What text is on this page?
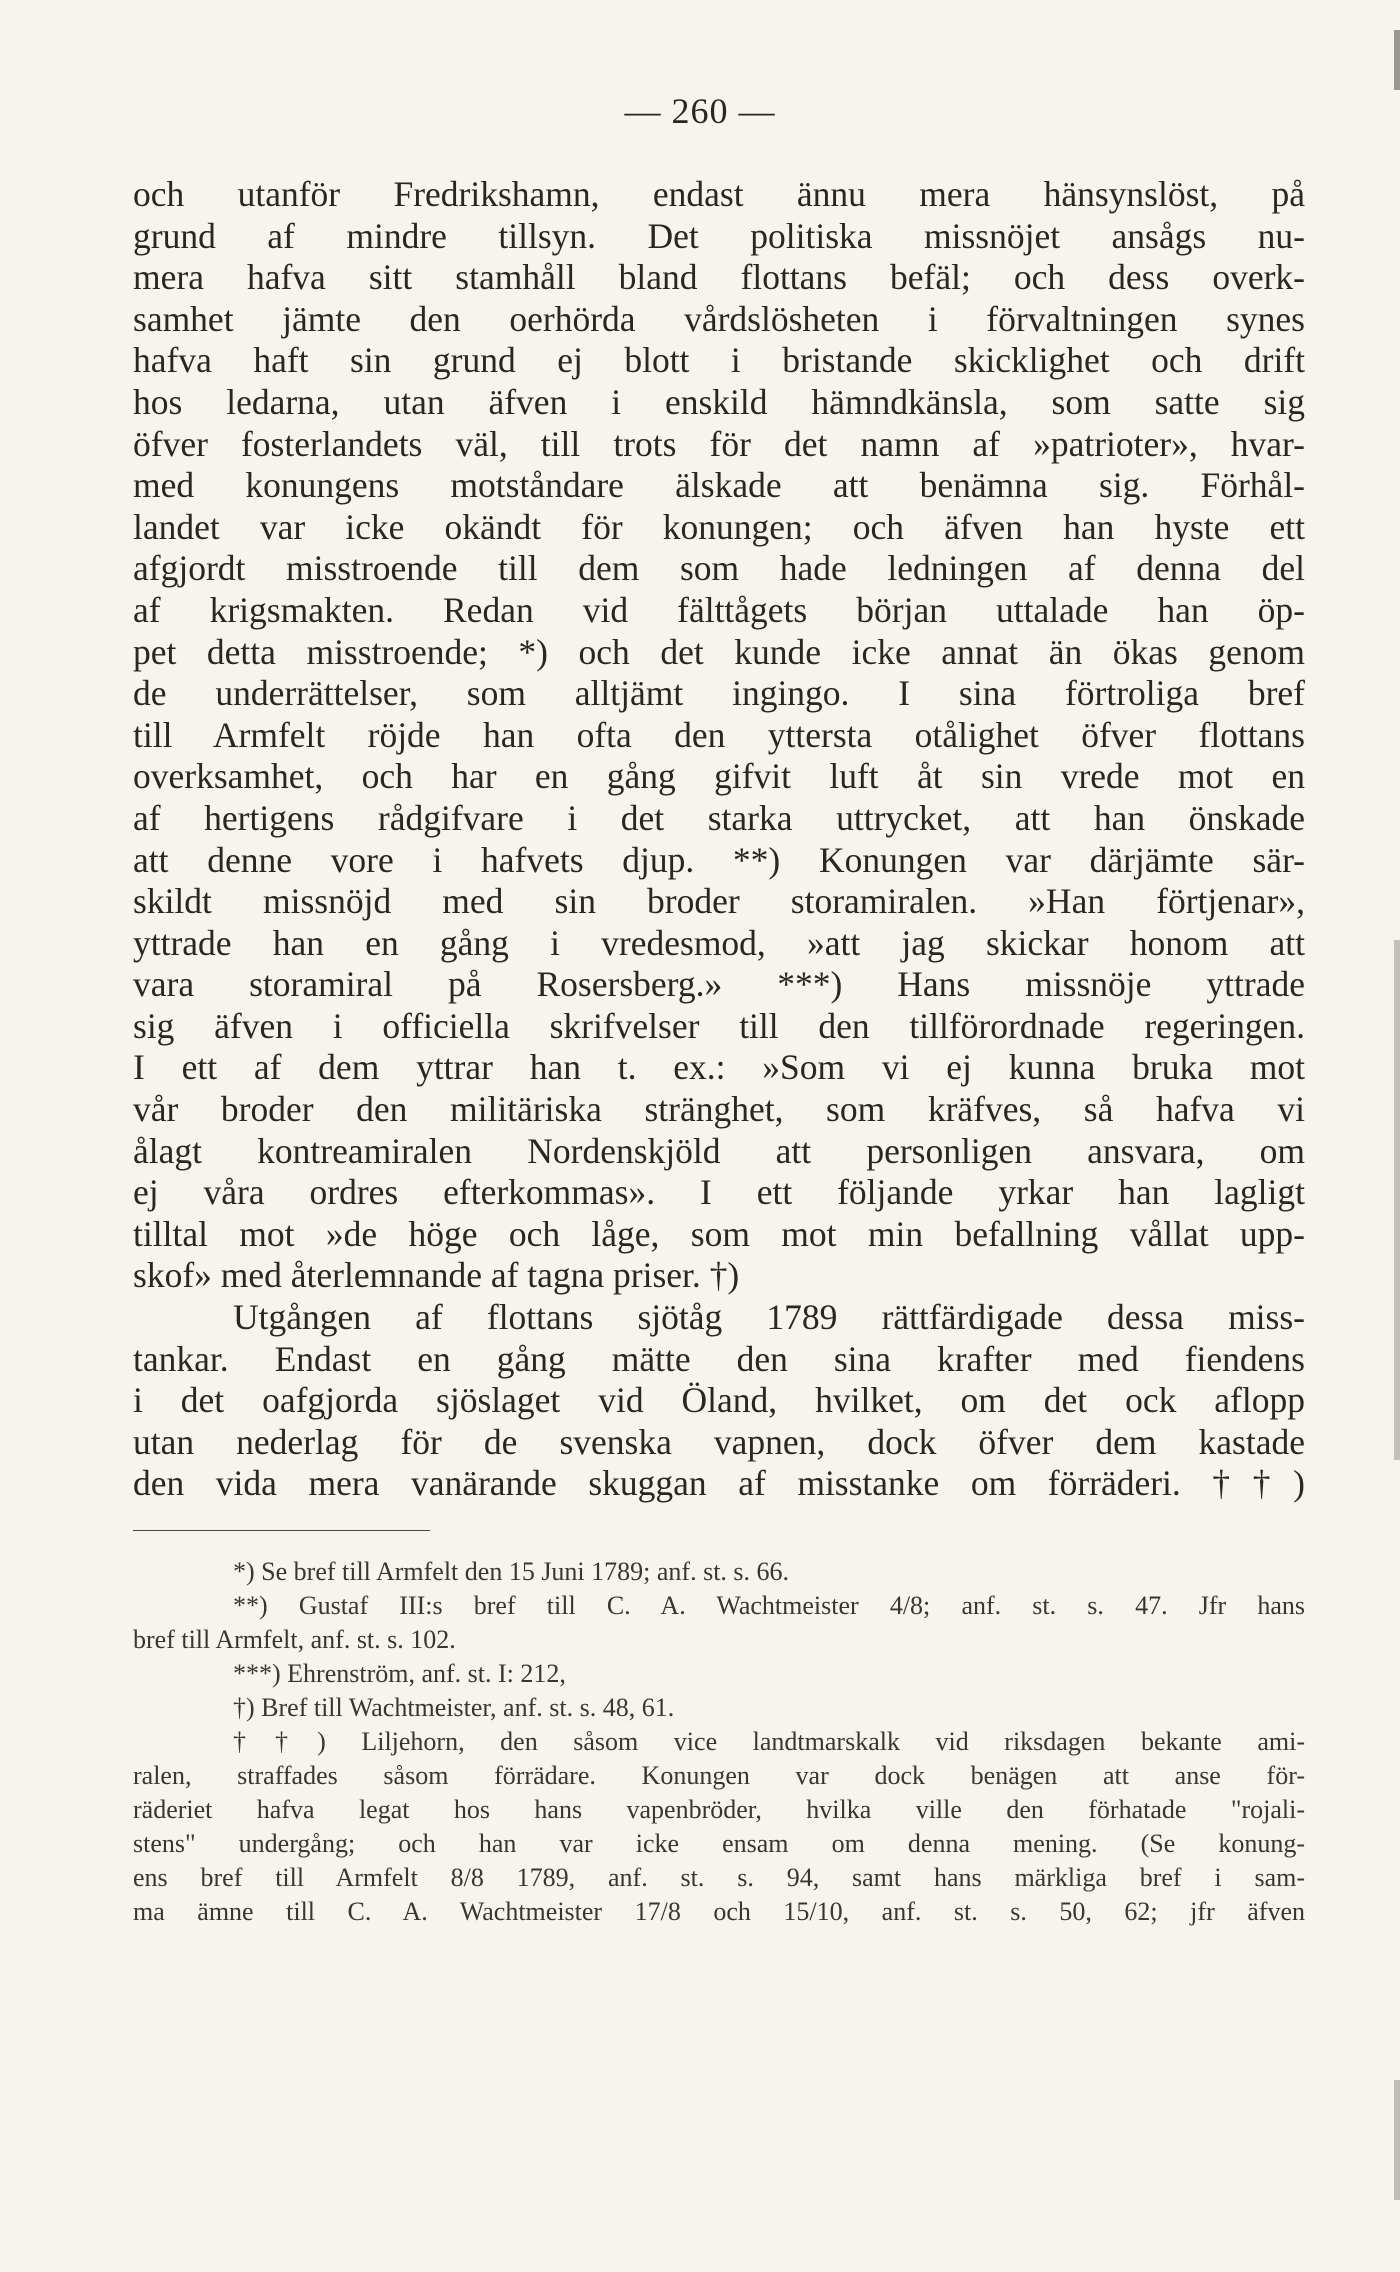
— 260 —
och utanför Fredrikshamn, endast ännu mera hänsynslöst, på
grund af mindre tillsyn. Det politiska missnöjet ansågs nu-
mera hafva sitt stamhåll bland flottans befäl; och dess overk-
samhet jämte den oerhörda vårdslösheten i förvaltningen synes
hafva haft sin grund ej blott i bristande skicklighet och drift
hos ledarna, utan äfven i enskild hämndkänsla, som satte sig
öfver fosterlandets väl, till trots för det namn af »patrioter», hvar-
med konungens motståndare älskade att benämna sig. Förhål-
landet var icke okändt för konungen; och äfven han hyste ett
afgjordt misstroende till dem som hade ledningen af denna del
af krigsmakten. Redan vid fälttågets början uttalade han öp-
pet detta misstroende; *) och det kunde icke annat än ökas genom
de underrättelser, som alltjämt ingingo. I sina förtroliga bref
till Armfelt röjde han ofta den yttersta otålighet öfver flottans
overksamhet, och har en gång gifvit luft åt sin vrede mot en
af hertigens rådgifvare i det starka uttrycket, att han önskade
att denne vore i hafvets djup. **) Konungen var därjämte sär-
skildt missnöjd med sin broder storamiralen. »Han förtjenar»,
yttrade han en gång i vredesmod, »att jag skickar honom att
vara storamiral på Rosersberg.» ***) Hans missnöje yttrade
sig äfven i officiella skrifvelser till den tillförordnade regeringen.
I ett af dem yttrar han t. ex.: »Som vi ej kunna bruka mot
vår broder den militäriska stränghet, som kräfves, så hafva vi
ålagt kontreamiralen Nordenskjöld att personligen ansvara, om
ej våra ordres efterkommas». I ett följande yrkar han lagligt
tilltal mot »de höge och låge, som mot min befallning vållat upp-
skof» med återlemnande af tagna priser. †)
Utgången af flottans sjötåg 1789 rättfärdigade dessa miss-
tankar. Endast en gång mätte den sina krafter med fiendens
i det oafgjorda sjöslaget vid Öland, hvilket, om det ock aflopp
utan nederlag för de svenska vapnen, dock öfver dem kastade
den vida mera vanärande skuggan af misstanke om förräderi. ††)
*) Se bref till Armfelt den 15 Juni 1789; anf. st. s. 66.
**) Gustaf III:s bref till C. A. Wachtmeister 4/8; anf. st. s. 47. Jfr hans
bref till Armfelt, anf. st. s. 102.
***) Ehrenström, anf. st. I: 212,
†) Bref till Wachtmeister, anf. st. s. 48, 61.
††) Liljehorn, den såsom vice landtmarskalk vid riksdagen bekante ami-
ralen, straffades såsom förrädare. Konungen var dock benägen att anse för-
räderiet hafva legat hos hans vapenbröder, hvilka ville den förhatade "rojali-
stens" undergång; och han var icke ensam om denna mening. (Se konung-
ens bref till Armfelt 8/8 1789, anf. st. s. 94, samt hans märkliga bref i sam-
ma ämne till C. A. Wachtmeister 17/8 och 15/10, anf. st. s. 50, 62; jfr äfven
